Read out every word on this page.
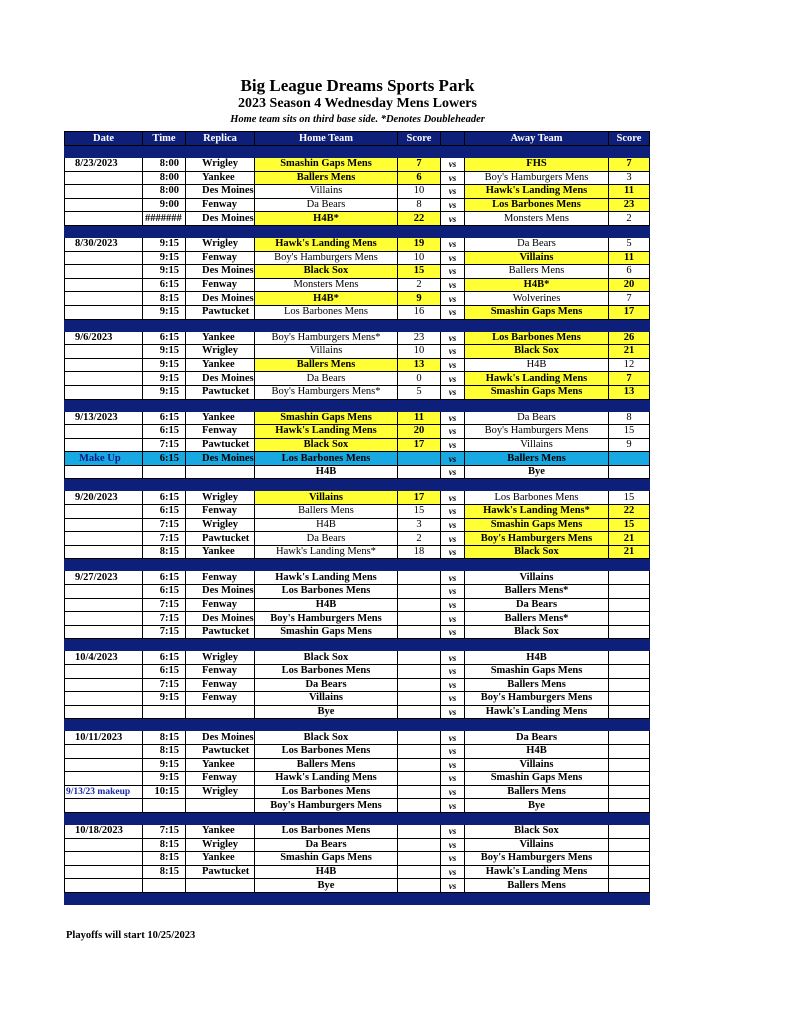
Big League Dreams Sports Park
2023 Season 4 Wednesday Mens Lowers
Home team sits on third base side. *Denotes Doubleheader
Date	Time	Replica	Home Team	Score		Away Team	Score

8/23/2023	8:00	Wrigley	Smashin Gaps Mens	7	vs	FHS	7
	8:00	Yankee	Ballers Mens	6	vs	Boy's Hamburgers Mens	3
	8:00	Des Moines	Villains	10	vs	Hawk's Landing Mens	11
	9:00	Fenway	Da Bears	8	vs	Los Barbones Mens	23
	#######	Des Moines	H4B*	22	vs	Monsters Mens	2

8/30/2023	9:15	Wrigley	Hawk's Landing Mens	19	vs	Da Bears	5
	9:15	Fenway	Boy's Hamburgers Mens	10	vs	Villains	11
	9:15	Des Moines	Black Sox	15	vs	Ballers Mens	6
	6:15	Fenway	Monsters Mens	2	vs	H4B*	20
	8:15	Des Moines	H4B*	9	vs	Wolverines	7
	9:15	Pawtucket	Los Barbones Mens	16	vs	Smashin Gaps Mens	17

9/6/2023	6:15	Yankee	Boy's Hamburgers Mens*	23	vs	Los Barbones Mens	26
	9:15	Wrigley	Villains	10	vs	Black Sox	21
	9:15	Yankee	Ballers Mens	13	vs	H4B	12
	9:15	Des Moines	Da Bears	0	vs	Hawk's Landing Mens	7
	9:15	Pawtucket	Boy's Hamburgers Mens*	5	vs	Smashin Gaps Mens	13

9/13/2023	6:15	Yankee	Smashin Gaps Mens	11	vs	Da Bears	8
	6:15	Fenway	Hawk's Landing Mens	20	vs	Boy's Hamburgers Mens	15
	7:15	Pawtucket	Black Sox	17	vs	Villains	9
Make Up	6:15	Des Moines	Los Barbones Mens		vs	Ballers Mens	
			H4B		vs	Bye	

9/20/2023	6:15	Wrigley	Villains	17	vs	Los Barbones Mens	15
	6:15	Fenway	Ballers Mens	15	vs	Hawk's Landing Mens*	22
	7:15	Wrigley	H4B	3	vs	Smashin Gaps Mens	15
	7:15	Pawtucket	Da Bears	2	vs	Boy's Hamburgers Mens	21
	8:15	Yankee	Hawk's Landing Mens*	18	vs	Black Sox	21

9/27/2023	6:15	Fenway	Hawk's Landing Mens		vs	Villains	
	6:15	Des Moines	Los Barbones Mens		vs	Ballers Mens*	
	7:15	Fenway	H4B		vs	Da Bears	
	7:15	Des Moines	Boy's Hamburgers Mens		vs	Ballers Mens*	
	7:15	Pawtucket	Smashin Gaps Mens		vs	Black Sox	

10/4/2023	6:15	Wrigley	Black Sox		vs	H4B	
	6:15	Fenway	Los Barbones Mens		vs	Smashin Gaps Mens	
	7:15	Fenway	Da Bears		vs	Ballers Mens	
	9:15	Fenway	Villains		vs	Boy's Hamburgers Mens	
			Bye		vs	Hawk's Landing Mens	

10/11/2023	8:15	Des Moines	Black Sox		vs	Da Bears	
	8:15	Pawtucket	Los Barbones Mens		vs	H4B	
	9:15	Yankee	Ballers Mens		vs	Villains	
	9:15	Fenway	Hawk's Landing Mens		vs	Smashin Gaps Mens	
9/13/23 makeup	10:15	Wrigley	Los Barbones Mens		vs	Ballers Mens	
			Boy's Hamburgers Mens		vs	Bye	

10/18/2023	7:15	Yankee	Los Barbones Mens		vs	Black Sox	
	8:15	Wrigley	Da Bears		vs	Villains	
	8:15	Yankee	Smashin Gaps Mens		vs	Boy's Hamburgers Mens	
	8:15	Pawtucket	H4B		vs	Hawk's Landing Mens	
			Bye		vs	Ballers Mens	

Playoffs will start 10/25/2023
